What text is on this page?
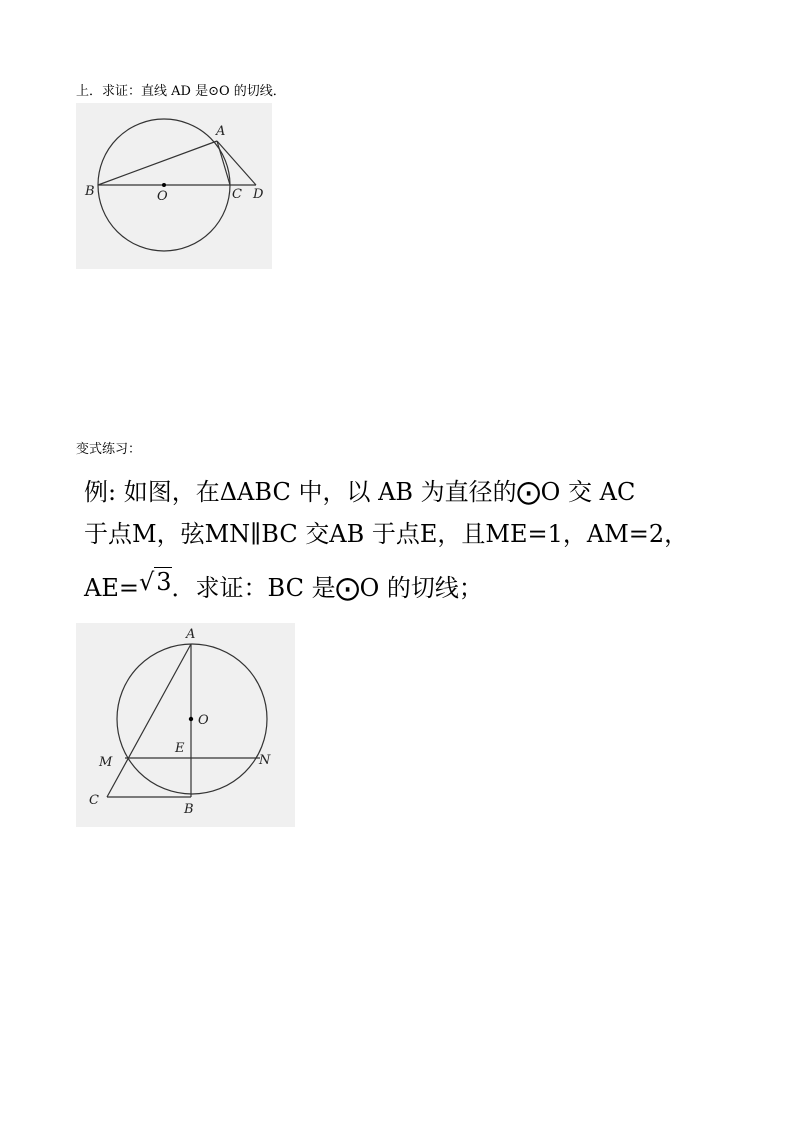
上．求证：直线 AD 是⊙O 的切线．
A
B	O	C D
变式练习：
例: 如图，在ΔABC 中，以 AB 为直径的⨀O 交 AC
于点M，弦MN∥BC 交AB 于点E，且ME=1，AM=2，
AE=√3．求证：BC 是⨀O 的切线；
A
O
E
M	N
C
B
